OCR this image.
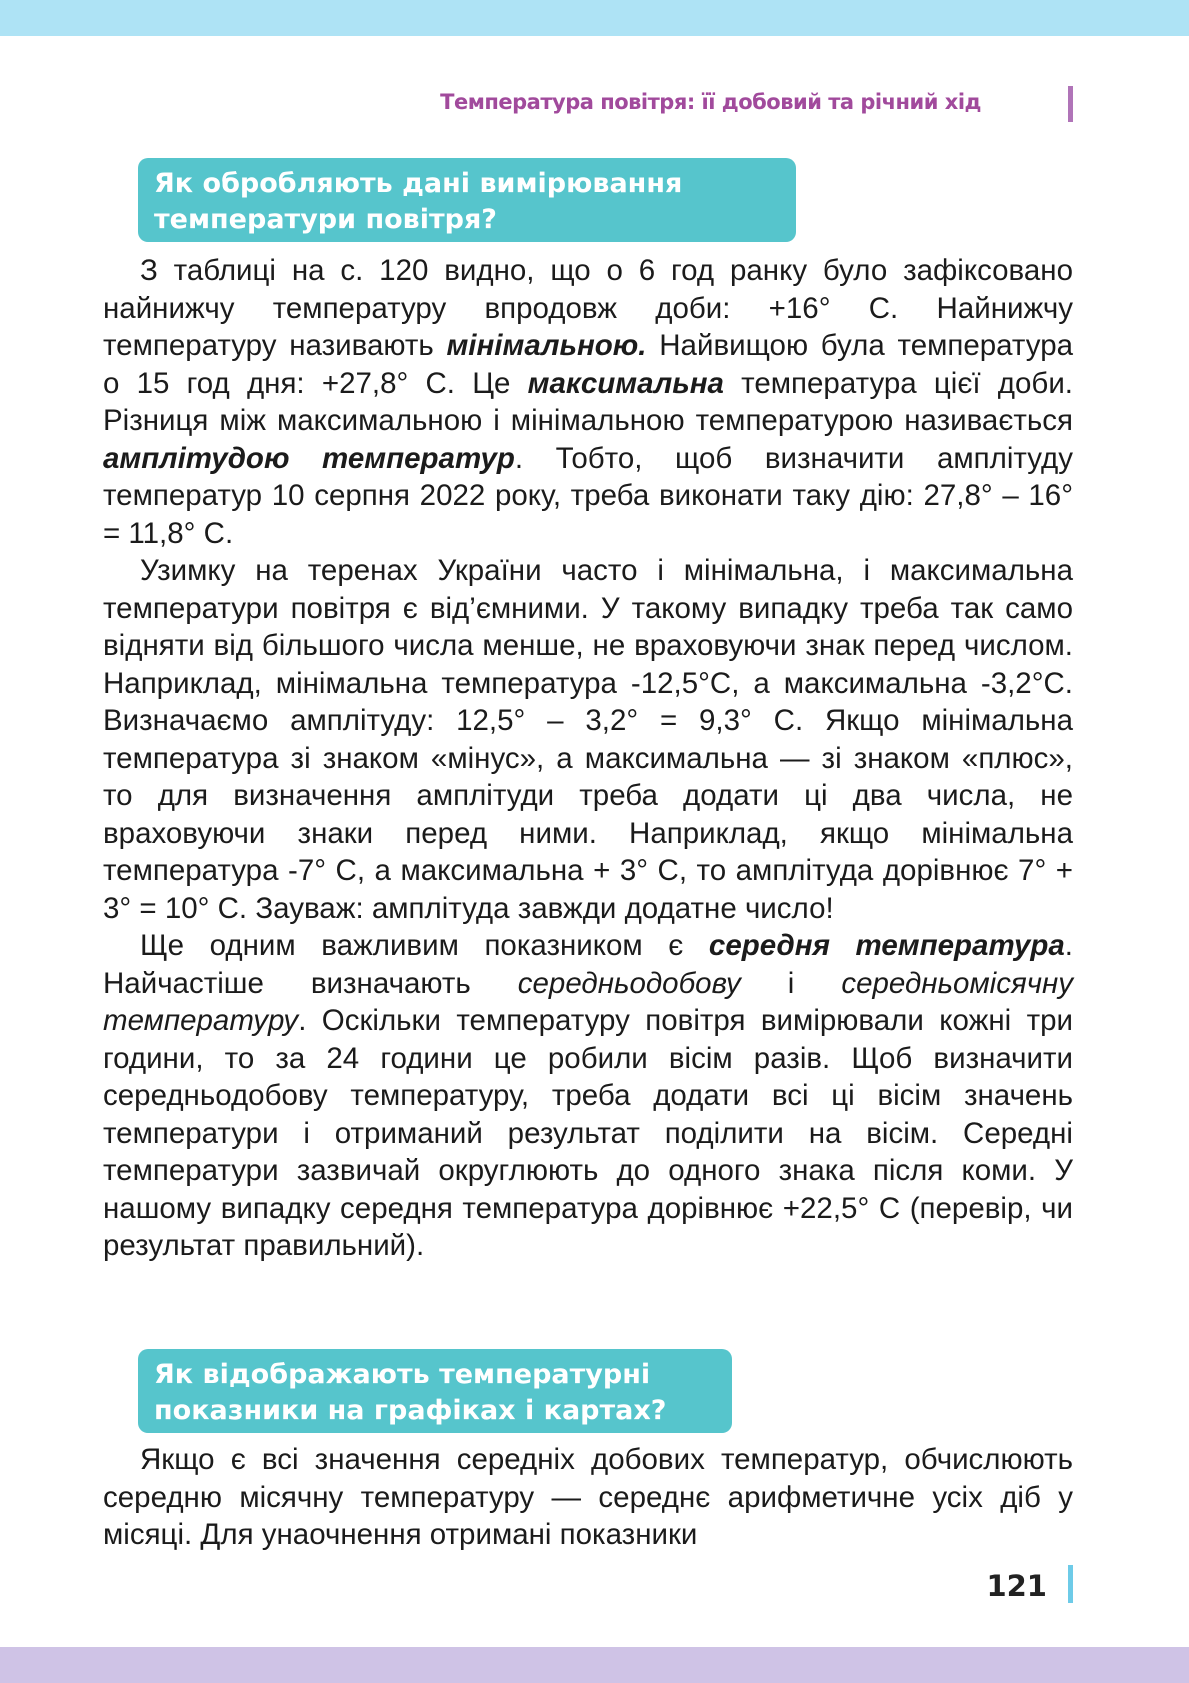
Температура повітря: її добовий та річний хід
Як обробляють дані вимірювання
температури повітря?

З таблиці на с. 120 видно, що о 6 год ранку було зафіксовано найнижчу температуру впродовж доби: +16° С. Найнижчу температуру називають мінімальною. Найвищою була температура о 15 год дня: +27,8° С. Це максимальна температура цієї доби. Різниця між максимальною і мінімальною температурою називається амплітудою температур. Тобто, щоб визначити амплітуду температур 10 серпня 2022 року, треба виконати таку дію: 27,8° – 16° = 11,8° С.

Узимку на теренах України часто і мінімальна, і максимальна температури повітря є від’ємними. У такому випадку треба так само відняти від більшого числа менше, не враховуючи знак перед числом. Наприклад, мінімальна температура -12,5°С, а максимальна -3,2°С. Визначаємо амплітуду: 12,5° – 3,2° = 9,3° С. Якщо мінімальна температура зі знаком «мінус», а максимальна — зі знаком «плюс», то для визначення амплітуди треба додати ці два числа, не враховуючи знаки перед ними. Наприклад, якщо мінімальна температура -7° С, а максимальна + 3° С, то амплітуда дорівнює 7° + 3° = 10° С. Зауваж: амплітуда завжди додатне число!

Ще одним важливим показником є середня температура. Найчастіше визначають середньодобову і середньомісячну температуру. Оскільки температуру повітря вимірювали кожні три години, то за 24 години це робили вісім разів. Щоб визначити середньодобову температуру, треба додати всі ці вісім значень температури і отриманий результат поділити на вісім. Середні температури зазвичай округлюють до одного знака після коми. У нашому випадку середня температура дорівнює +22,5° С (перевір, чи результат правильний).

Як відображають температурні
показники на графіках і картах?

Якщо є всі значення середніх добових температур, обчислюють середню місячну температуру — середнє арифметичне усіх діб у місяці. Для унаочнення отримані показники

121
